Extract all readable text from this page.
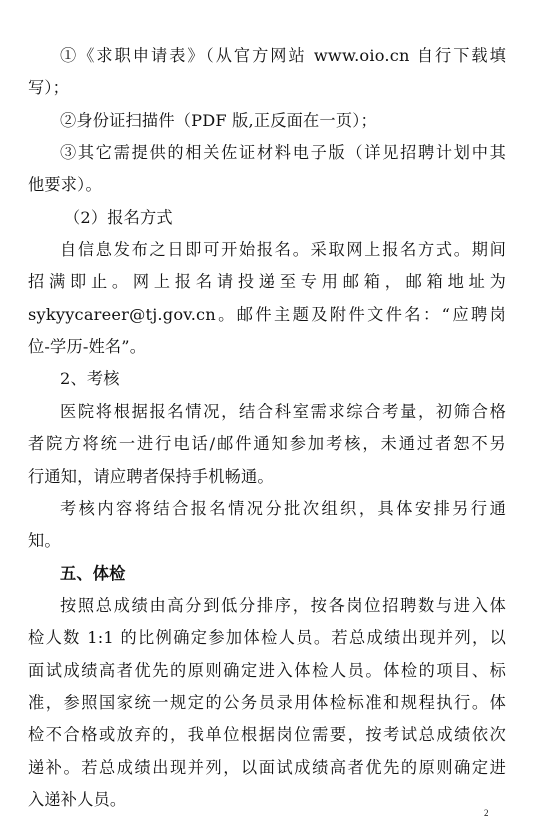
①《求职申请表》（从官方网站 www.oio.cn 自行下载填
写）；
②身份证扫描件（PDF 版,正反面在一页）；
③其它需提供的相关佐证材料电子版（详见招聘计划中其
他要求）。
（2）报名方式
自信息发布之日即可开始报名。采取网上报名方式。期间
招满即止。网上报名请投递至专用邮箱，邮箱地址为
sykyycareer@tj.gov.cn。邮件主题及附件文件名：“应聘岗
位-学历-姓名”。
2、考核
医院将根据报名情况，结合科室需求综合考量，初筛合格
者院方将统一进行电话/邮件通知参加考核，未通过者恕不另
行通知，请应聘者保持手机畅通。
考核内容将结合报名情况分批次组织，具体安排另行通
知。
五、体检
按照总成绩由高分到低分排序，按各岗位招聘数与进入体
检人数 1:1 的比例确定参加体检人员。若总成绩出现并列，以
面试成绩高者优先的原则确定进入体检人员。体检的项目、标
准，参照国家统一规定的公务员录用体检标准和规程执行。体
检不合格或放弃的，我单位根据岗位需要，按考试总成绩依次
递补。若总成绩出现并列，以面试成绩高者优先的原则确定进
入递补人员。
2
